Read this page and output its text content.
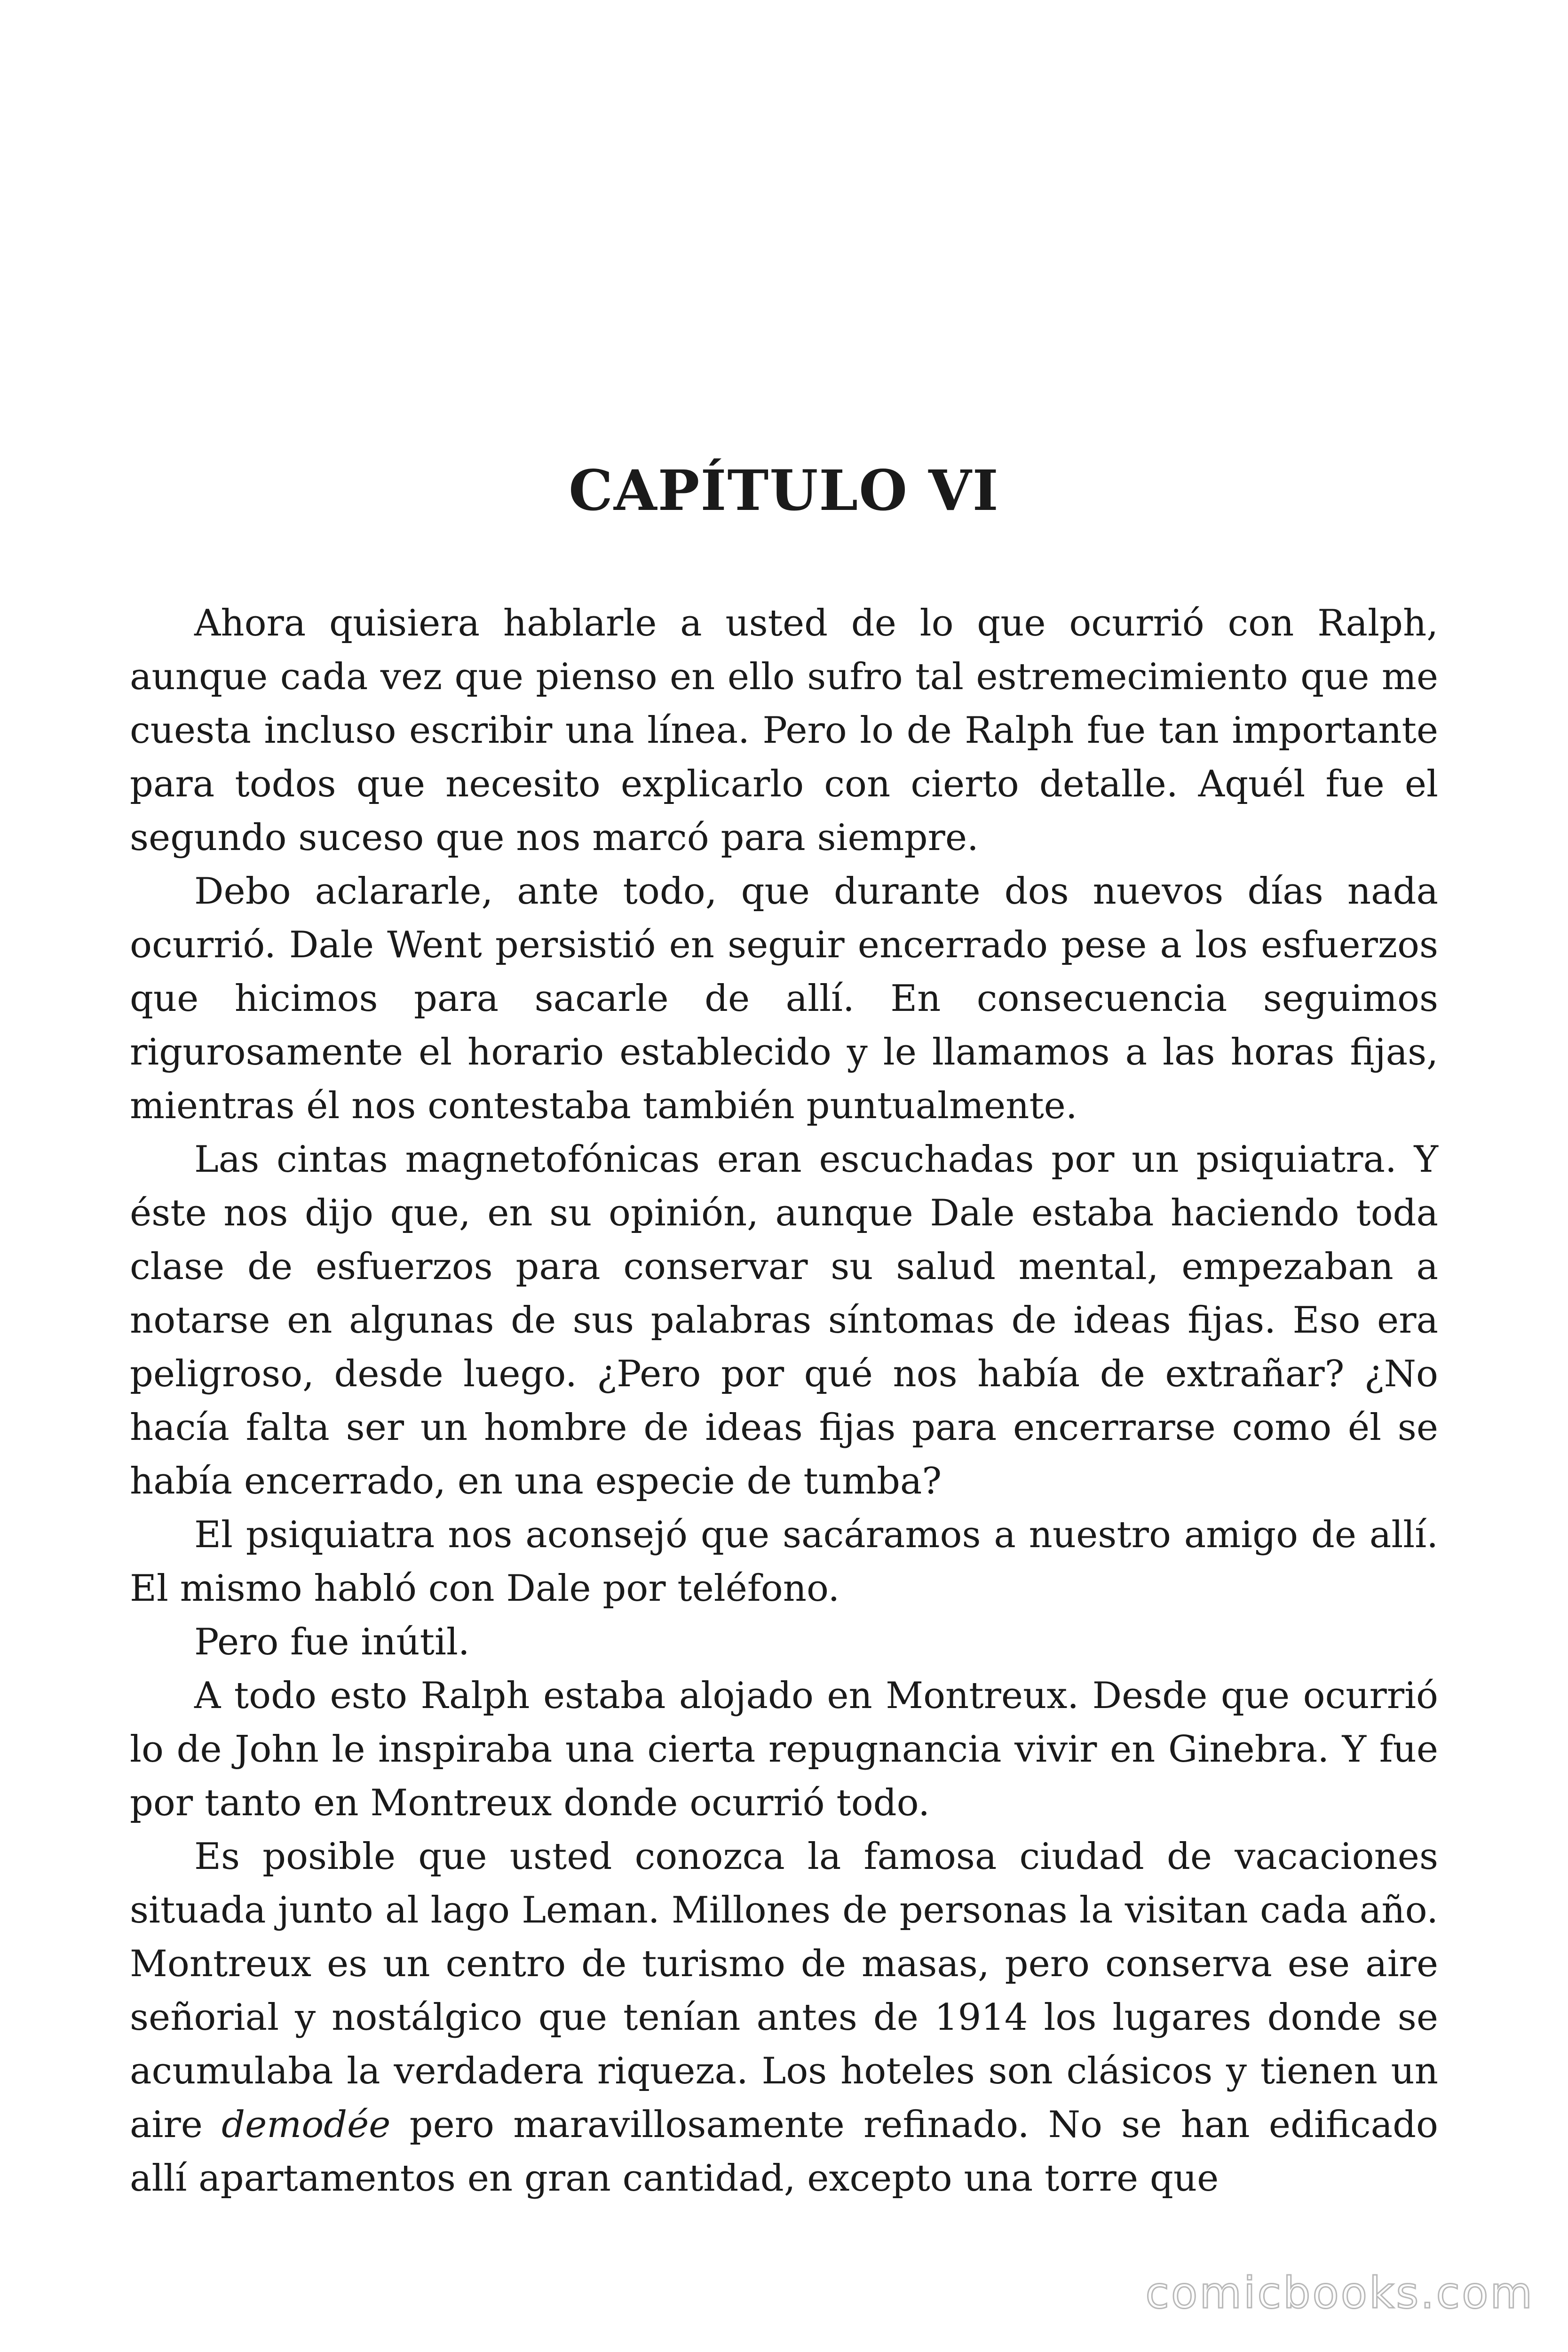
CAPÍTULO VI

Ahora quisiera hablarle a usted de lo que ocurrió con Ralph, aunque cada vez que pienso en ello sufro tal estremecimiento que me cuesta incluso escribir una línea. Pero lo de Ralph fue tan importante para todos que necesito explicarlo con cierto detalle. Aquél fue el segundo suceso que nos marcó para siempre.

Debo aclararle, ante todo, que durante dos nuevos días nada ocurrió. Dale Went persistió en seguir encerrado pese a los esfuerzos que hicimos para sacarle de allí. En consecuencia seguimos rigurosamente el horario establecido y le llamamos a las horas fijas, mientras él nos contestaba también puntualmente.

Las cintas magnetofónicas eran escuchadas por un psiquiatra. Y éste nos dijo que, en su opinión, aunque Dale estaba haciendo toda clase de esfuerzos para conservar su salud mental, empezaban a notarse en algunas de sus palabras síntomas de ideas fijas. Eso era peligroso, desde luego. ¿Pero por qué nos había de extrañar? ¿No hacía falta ser un hombre de ideas fijas para encerrarse como él se había encerrado, en una especie de tumba?

El psiquiatra nos aconsejó que sacáramos a nuestro amigo de allí. El mismo habló con Dale por teléfono.

Pero fue inútil.

A todo esto Ralph estaba alojado en Montreux. Desde que ocurrió lo de John le inspiraba una cierta repugnancia vivir en Ginebra. Y fue por tanto en Montreux donde ocurrió todo.

Es posible que usted conozca la famosa ciudad de vacaciones situada junto al lago Leman. Millones de personas la visitan cada año. Montreux es un centro de turismo de masas, pero conserva ese aire señorial y nostálgico que tenían antes de 1914 los lugares donde se acumulaba la verdadera riqueza. Los hoteles son clásicos y tienen un aire demodée pero maravillosamente refinado. No se han edificado allí apartamentos en gran cantidad, excepto una torre que

comicbooks.com
